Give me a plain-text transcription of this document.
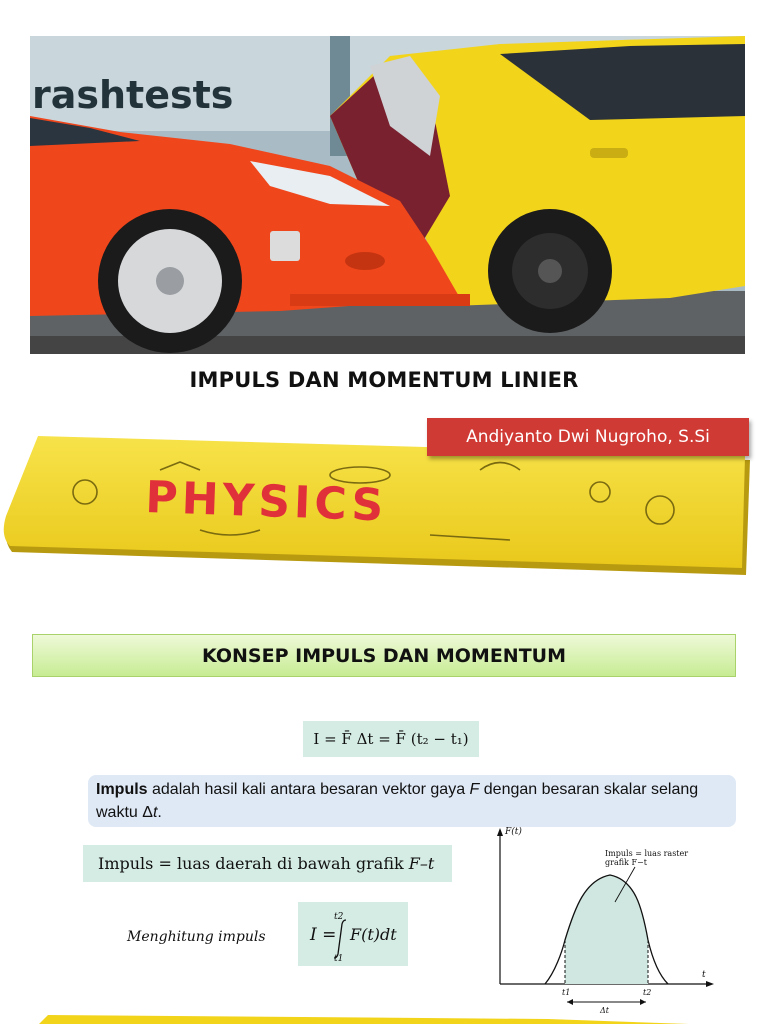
rashtests
IMPULS DAN MOMENTUM LINIER
PHYSICS
Andiyanto Dwi Nugroho, S.Si
KONSEP IMPULS DAN MOMENTUM
I = F̄ Δt = F̄ (t₂ − t₁)
Impuls adalah hasil kali antara besaran vektor gaya F dengan besaran skalar selang waktu Δt.
Impuls = luas daerah di bawah grafik F–t
Menghitung impuls	I =
t2
t1
F(t)dt
F(t)
t
Impuls = luas raster
grafik F−t
t1	t2
Δt
